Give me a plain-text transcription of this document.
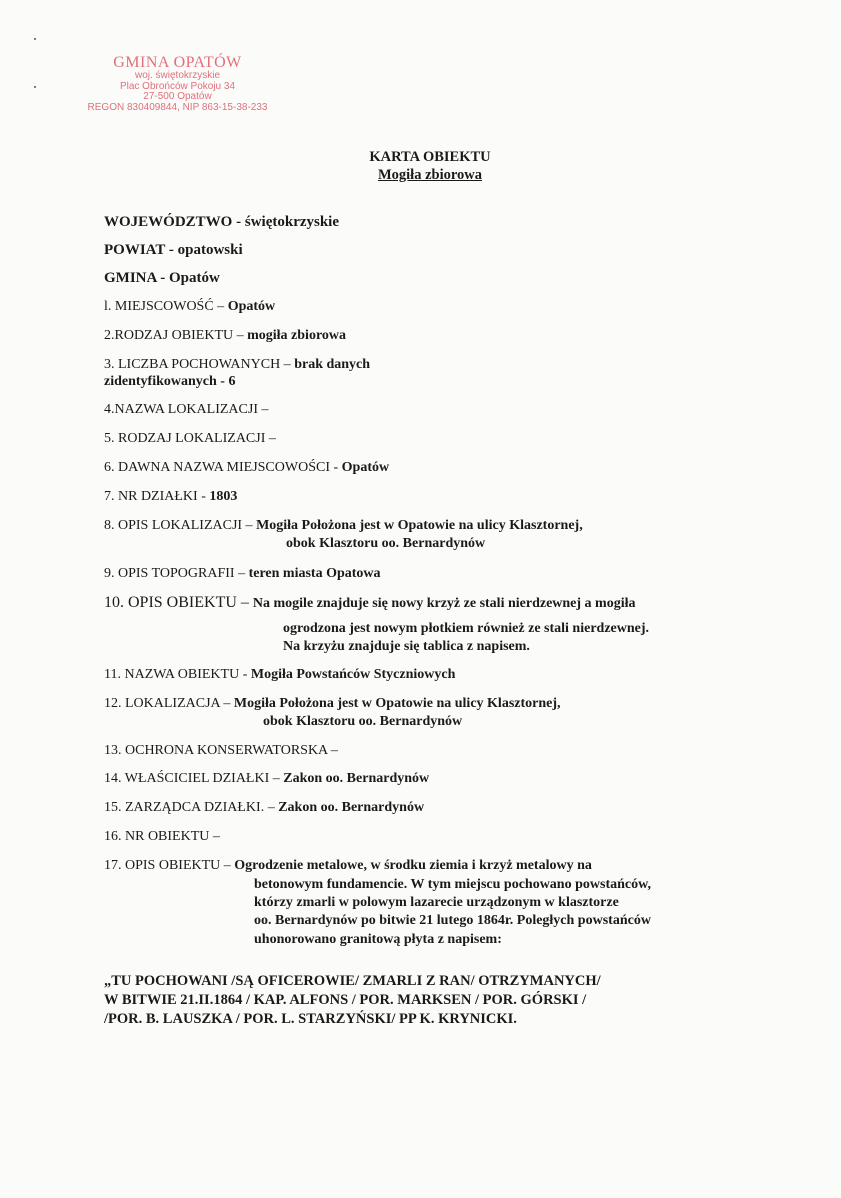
GMINA OPATÓW
woj. świętokrzyskie
Plac Obrońców Pokoju 34
27-500 Opatów
REGON 830409844, NIP 863-15-38-233
KARTA OBIEKTU
Mogiła zbiorowa
WOJEWÓDZTWO - świętokrzyskie
POWIAT - opatowski
GMINA - Opatów
l. MIEJSCOWOŚĆ – Opatów
2.RODZAJ OBIEKTU – mogiła zbiorowa
3. LICZBA POCHOWANYCH – brak danych
zidentyfikowanych - 6
4.NAZWA LOKALIZACJI –
5. RODZAJ LOKALIZACJI –
6. DAWNA NAZWA MIEJSCOWOŚCI - Opatów
7. NR DZIAŁKI - 1803
8. OPIS LOKALIZACJI – Mogiła Położona jest w Opatowie na ulicy Klasztornej,
obok Klasztoru oo. Bernardynów
9. OPIS TOPOGRAFII – teren miasta Opatowa
10. OPIS OBIEKTU – Na mogile znajduje się nowy krzyż ze stali nierdzewnej a mogiła
ogrodzona jest nowym płotkiem również ze stali nierdzewnej.
Na krzyżu znajduje się tablica z napisem.
11. NAZWA OBIEKTU - Mogiła Powstańców Styczniowych
12. LOKALIZACJA – Mogiła Położona jest w Opatowie na ulicy Klasztornej,
obok Klasztoru oo. Bernardynów
13. OCHRONA KONSERWATORSKA –
14. WŁAŚCICIEL DZIAŁKI – Zakon oo. Bernardynów
15. ZARZĄDCA DZIAŁKI. – Zakon oo. Bernardynów
16. NR OBIEKTU –
17. OPIS OBIEKTU – Ogrodzenie metalowe, w środku ziemia i krzyż metalowy na
betonowym fundamencie. W tym miejscu pochowano powstańców,
którzy zmarli w polowym lazarecie urządzonym w klasztorze
oo. Bernardynów po bitwie 21 lutego 1864r. Poległych powstańców
uhonorowano granitową płyta z napisem:
„TU POCHOWANI /SĄ OFICEROWIE/ ZMARLI Z RAN/ OTRZYMANYCH/
W BITWIE 21.II.1864 / KAP. ALFONS / POR. MARKSEN / POR. GÓRSKI /
/POR. B. LAUSZKA / POR. L. STARZYŃSKI/ PP K. KRYNICKI.
